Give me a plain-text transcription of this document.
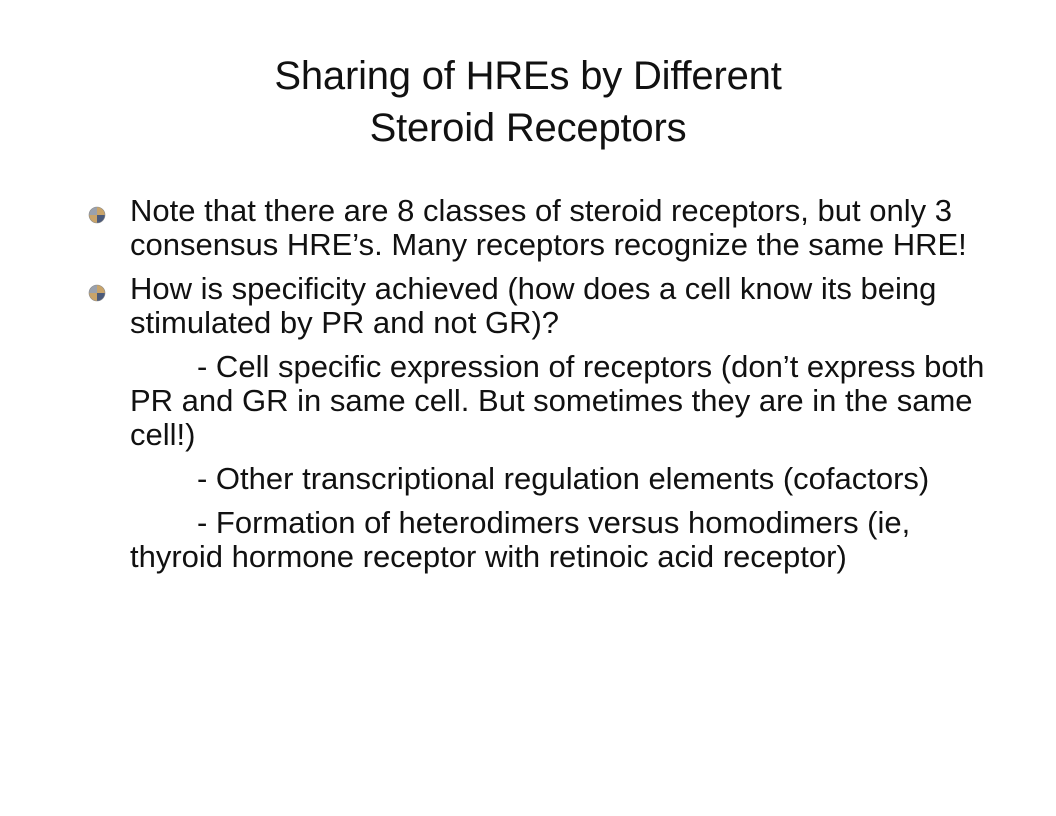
Sharing of HREs by Different
Steroid Receptors

Note that there are 8 classes of steroid receptors, but only 3 consensus HRE’s. Many receptors recognize the same HRE!

How is specificity achieved (how does a cell know its being stimulated by PR and not GR)?

- Cell specific expression of receptors (don’t express both PR and GR in same cell. But sometimes they are in the same cell!)

- Other transcriptional regulation elements (cofactors)

- Formation of heterodimers versus homodimers (ie, thyroid hormone receptor with retinoic acid receptor)
